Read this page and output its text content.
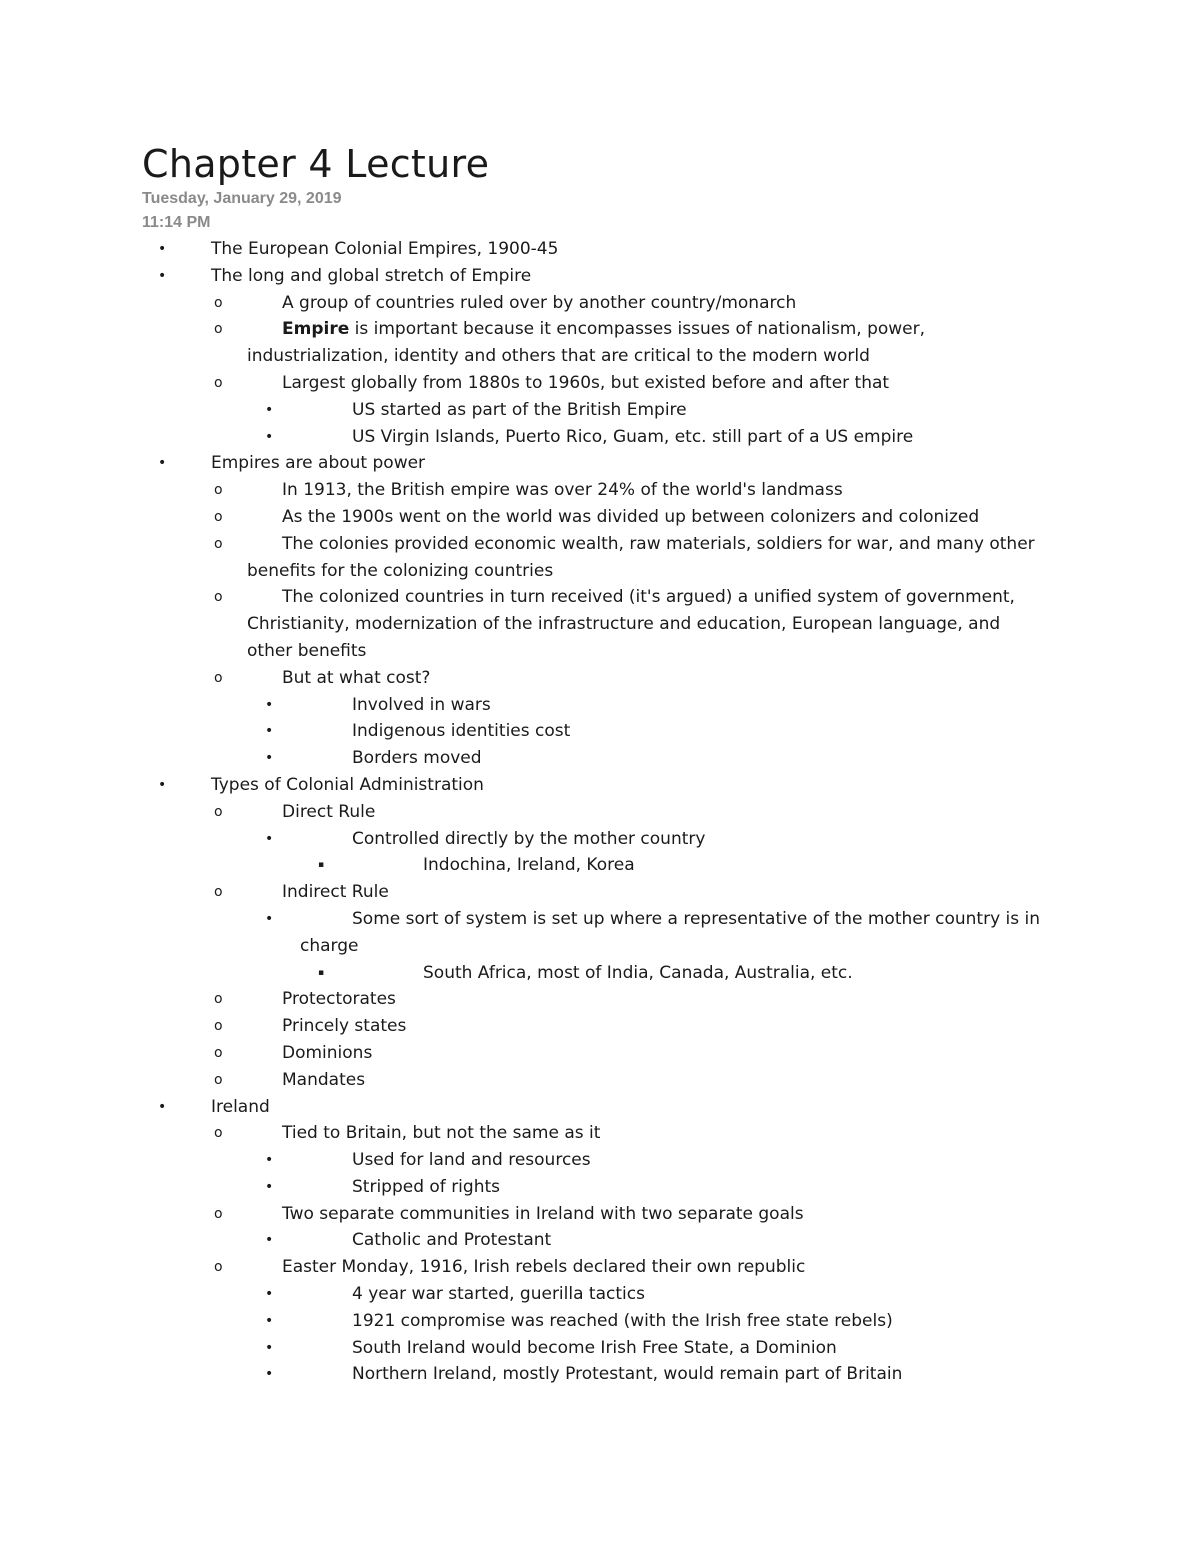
Chapter 4 Lecture

Tuesday, January 29, 2019

11:14 PM

•	The European Colonial Empires, 1900-45
•	The long and global stretch of Empire
o	A group of countries ruled over by another country/monarch
o	Empire is important because it encompasses issues of nationalism, power,
industrialization, identity and others that are critical to the modern world
o	Largest globally from 1880s to 1960s, but existed before and after that
•	US started as part of the British Empire
•	US Virgin Islands, Puerto Rico, Guam, etc. still part of a US empire
•	Empires are about power
o	In 1913, the British empire was over 24% of the world's landmass
o	As the 1900s went on the world was divided up between colonizers and colonized
o	The colonies provided economic wealth, raw materials, soldiers for war, and many other
benefits for the colonizing countries
o	The colonized countries in turn received (it's argued) a unified system of government,
Christianity, modernization of the infrastructure and education, European language, and
other benefits
o	But at what cost?
•	Involved in wars
•	Indigenous identities cost
•	Borders moved
•	Types of Colonial Administration
o	Direct Rule
•	Controlled directly by the mother country
▪	Indochina, Ireland, Korea
o	Indirect Rule
•	Some sort of system is set up where a representative of the mother country is in
charge
▪	South Africa, most of India, Canada, Australia, etc.
o	Protectorates
o	Princely states
o	Dominions
o	Mandates
•	Ireland
o	Tied to Britain, but not the same as it
•	Used for land and resources
•	Stripped of rights
o	Two separate communities in Ireland with two separate goals
•	Catholic and Protestant
o	Easter Monday, 1916, Irish rebels declared their own republic
•	4 year war started, guerilla tactics
•	1921 compromise was reached (with the Irish free state rebels)
•	South Ireland would become Irish Free State, a Dominion
•	Northern Ireland, mostly Protestant, would remain part of Britain
